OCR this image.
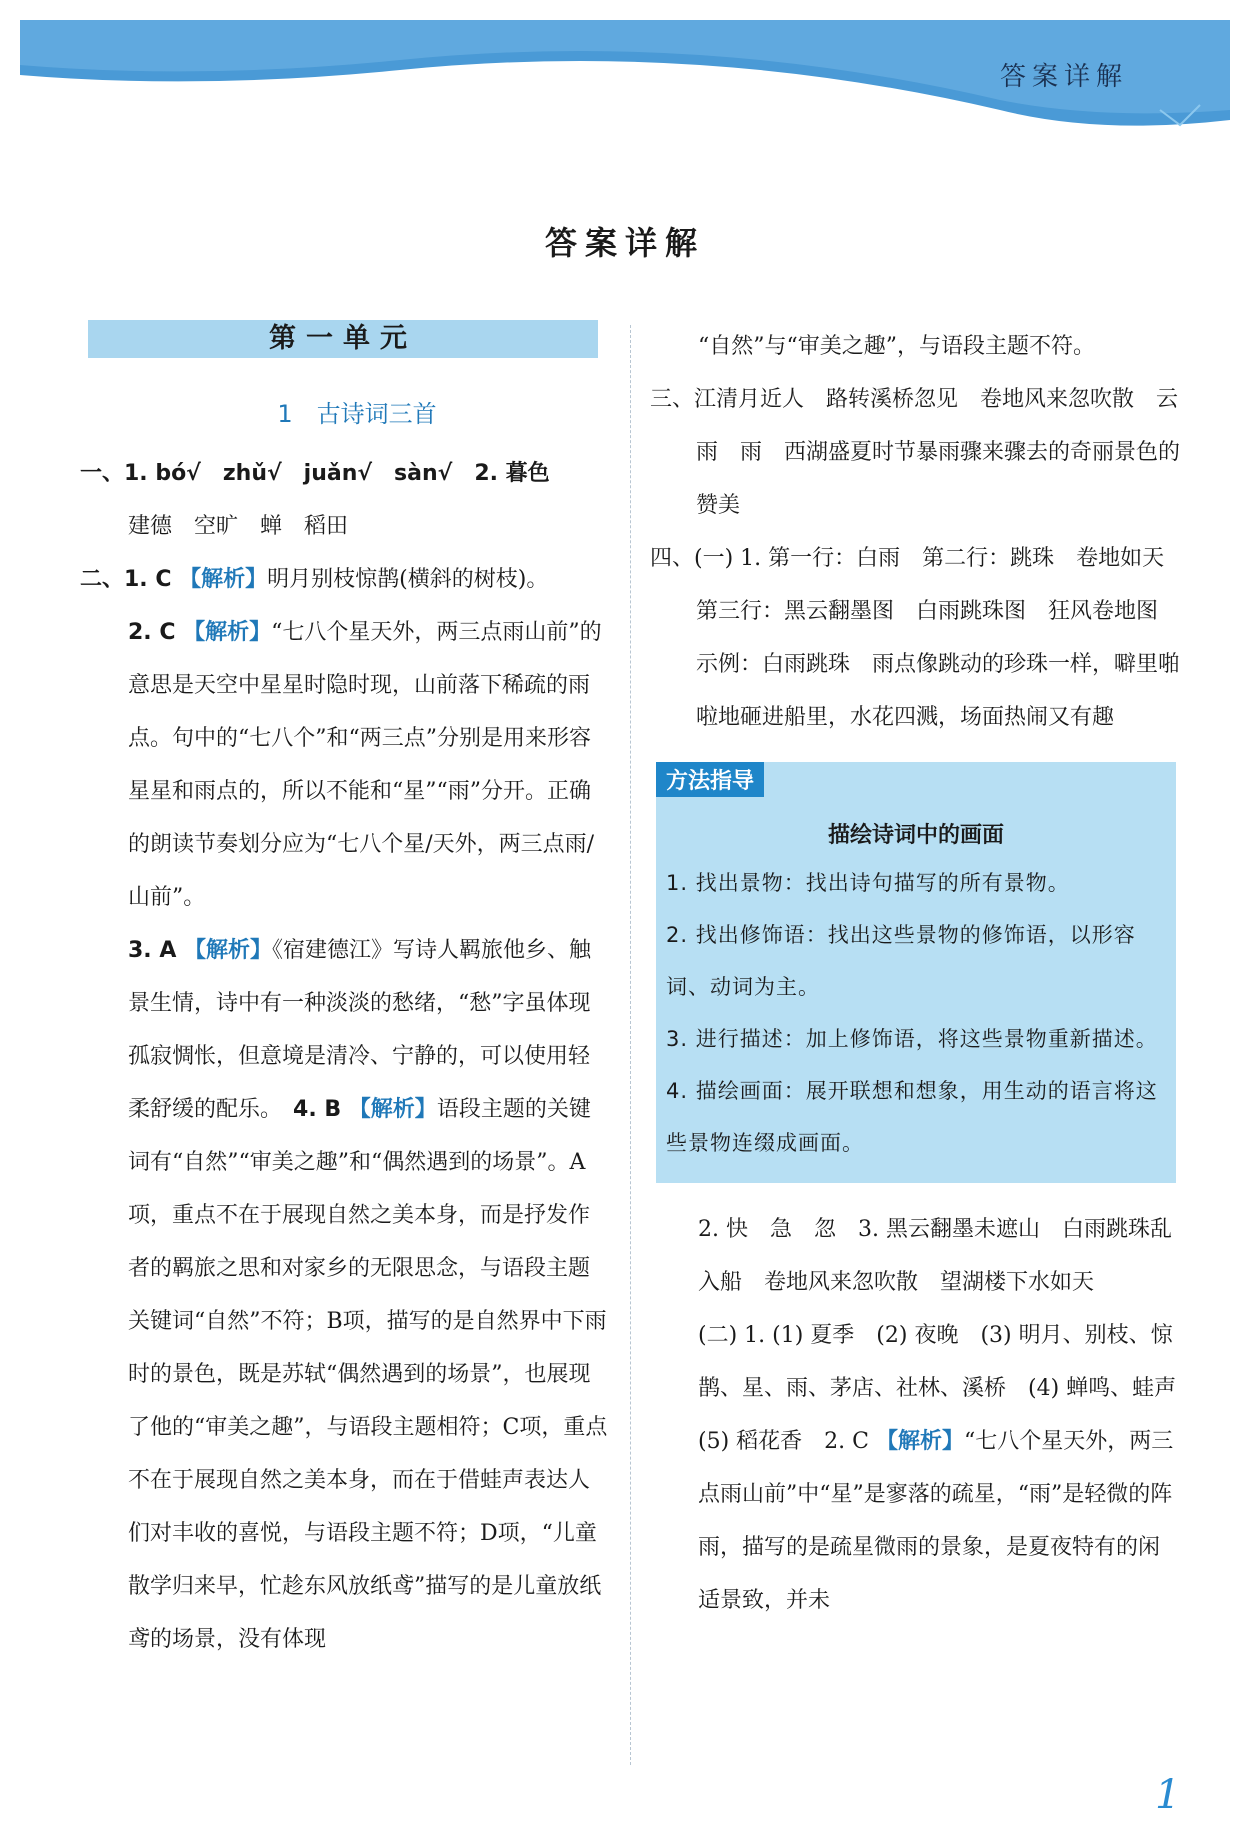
答案详解
答案详解
第一单元
1 古诗词三首
一、1. bó√　zhǔ√　juǎn√　sàn√　2. 暮色
建德　空旷　蝉　稻田
二、1. C 【解析】明月别枝惊鹊(横斜的树枝)。
2. C 【解析】“七八个星天外，两三点雨山前”的意思是天空中星星时隐时现，山前落下稀疏的雨点。句中的“七八个”和“两三点”分别是用来形容星星和雨点的，所以不能和“星”“雨”分开。正确的朗读节奏划分应为“七八个星/天外，两三点雨/山前”。
3. A 【解析】《宿建德江》写诗人羁旅他乡、触景生情，诗中有一种淡淡的愁绪，“愁”字虽体现孤寂惆怅，但意境是清冷、宁静的，可以使用轻柔舒缓的配乐。　 4. B 【解析】语段主题的关键词有“自然”“审美之趣”和“偶然遇到的场景”。A项，重点不在于展现自然之美本身，而是抒发作者的羁旅之思和对家乡的无限思念，与语段主题关键词“自然”不符；B项，描写的是自然界中下雨时的景色，既是苏轼“偶然遇到的场景”，也展现了他的“审美之趣”，与语段主题相符；C项，重点不在于展现自然之美本身，而在于借蛙声表达人们对丰收的喜悦，与语段主题不符；D项，“儿童散学归来早，忙趁东风放纸鸢”描写的是儿童放纸鸢的场景，没有体现
“自然”与“审美之趣”，与语段主题不符。
三、江清月近人　路转溪桥忽见　卷地风来忽吹散　云　雨　雨　西湖盛夏时节暴雨骤来骤去的奇丽景色的赞美
四、(一) 1. 第一行：白雨　第二行：跳珠　卷地如天　第三行：黑云翻墨图　白雨跳珠图　狂风卷地图　示例：白雨跳珠　雨点像跳动的珍珠一样，噼里啪啦地砸进船里，水花四溅，场面热闹又有趣
方法指导
描绘诗词中的画面
1. 找出景物：找出诗句描写的所有景物。
2. 找出修饰语：找出这些景物的修饰语，以形容词、动词为主。
3. 进行描述：加上修饰语，将这些景物重新描述。
4. 描绘画面：展开联想和想象，用生动的语言将这些景物连缀成画面。
2. 快　急　忽　3. 黑云翻墨未遮山　白雨跳珠乱入船　卷地风来忽吹散　望湖楼下水如天
(二) 1. (1) 夏季　(2) 夜晚　(3) 明月、别枝、惊鹊、星、雨、茅店、社林、溪桥　(4) 蝉鸣、蛙声　(5) 稻花香　2. C 【解析】“七八个星天外，两三点雨山前”中“星”是寥落的疏星，“雨”是轻微的阵雨，描写的是疏星微雨的景象，是夏夜特有的闲适景致，并未
1
